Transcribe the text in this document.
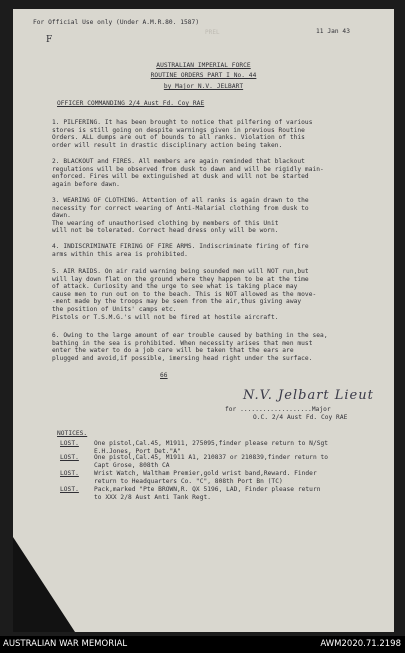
For Official Use only (Under A.M.R.80. 1587)
PREL	11 Jan 43
F
AUSTRALIAN IMPERIAL FORCE
ROUTINE ORDERS PART I No. 44
by Major N.V. JELBART
OFFICER COMMANDING 2/4 Aust Fd. Coy RAE
1. PILFERING. It has been brought to notice that pilfering of various
stores is still going on despite warnings given in previous Routine
Orders. ALL dumps are out of bounds to all ranks. Violation of this
order will result in drastic disciplinary action being taken.
2. BLACKOUT and FIRES. All members are again reminded that blackout
regulations will be observed from dusk to dawn and will be rigidly main-
enforced. Fires will be extinguished at dusk and will not be started
again before dawn.
3. WEARING OF CLOTHING. Attention of all ranks is again drawn to the
necessity for correct wearing of Anti-Malarial clothing from dusk to
dawn.
The wearing of unauthorised clothing by members of this Unit
will not be tolerated. Correct head dress only will be worn.
4. INDISCRIMINATE FIRING OF FIRE ARMS. Indiscriminate firing of fire
arms within this area is prohibited.
5. AIR RAIDS. On air raid warning being sounded men will NOT run,but
will lay down flat on the ground where they happen to be at the time
of attack. Curiosity and the urge to see what is taking place may
cause men to run out on to the beach. This is NOT allowed as the move-
-ment made by the troops may be seen from the air,thus giving away
the position of Units' camps etc.
Pistols or T.S.M.G.'s will not be fired at hostile aircraft.
6. Owing to the large amount of ear trouble caused by bathing in the sea,
bathing in the sea is prohibited. When necessity arises that men must
enter the water to do a job care will be taken that the ears are
plugged and avoid,if possible, imersing head right under the surface.
66
N.V. Jelbart Lieut
for ...................Major
O.C. 2/4 Aust Fd. Coy RAE
NOTICES.
LOST. One pistol,Cal.45, M1911, 275095,finder please return to N/Sgt
E.H.Jones, Port Det."A"
LOST. One pistol,Cal.45, M1911 A1, 210837 or 210839,finder return to
Capt Grose, 808th CA
LOST. Wrist Watch, Waltham Premier,gold wrist band,Reward. Finder
return to Headquarters Co. "C", 808th Port Bn (TC)
LOST. Pack,marked "Pte BROWN,R. QX 5196, LAD, Finder please return
to XXX 2/8 Aust Anti Tank Regt.
AUSTRALIAN WAR MEMORIAL	AWM2020.71.2198
